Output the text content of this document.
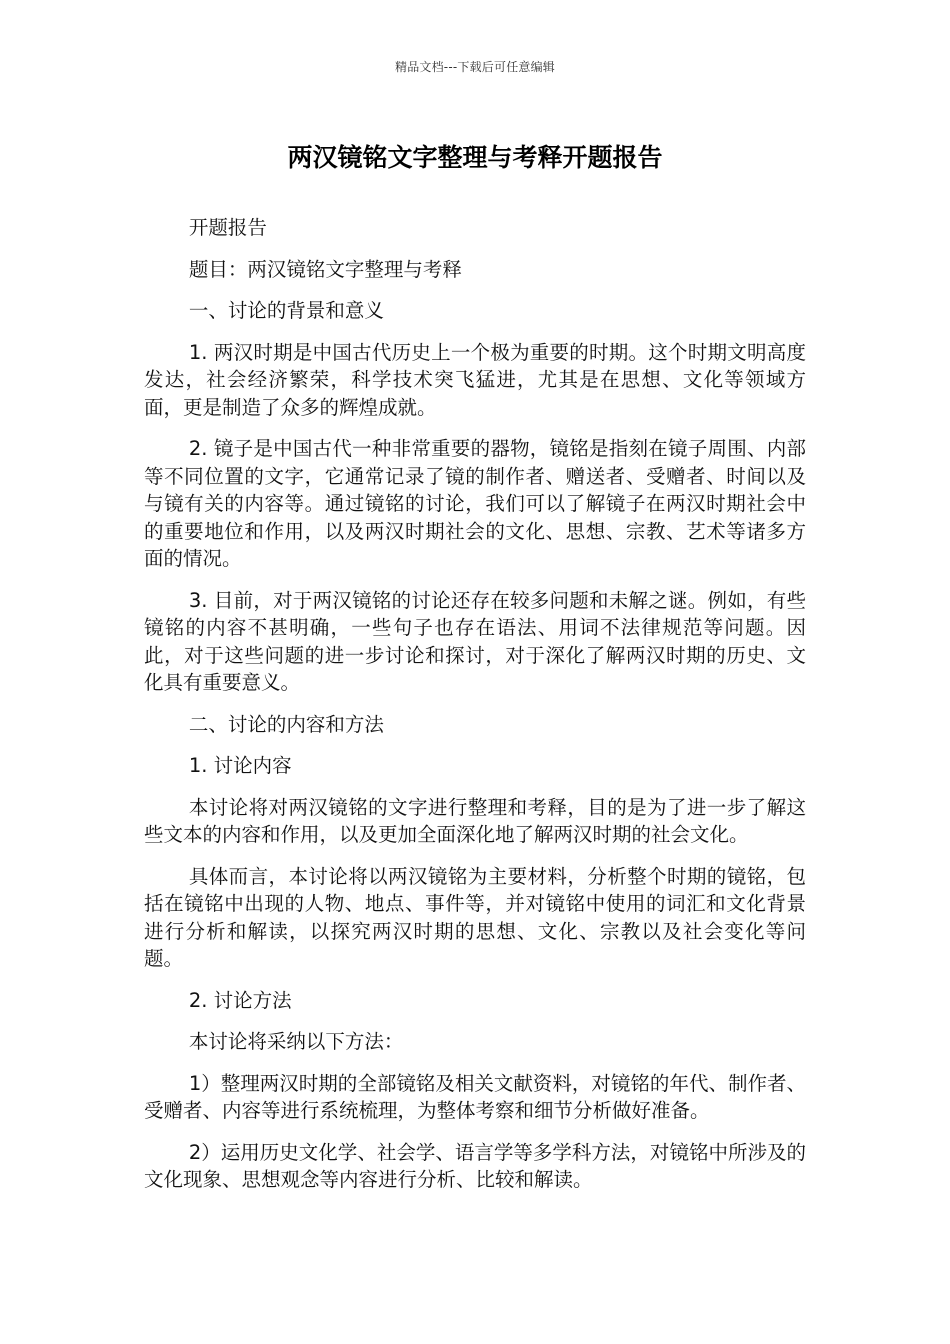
精品文档---下载后可任意编辑
两汉镜铭文字整理与考释开题报告

开题报告

题目：两汉镜铭文字整理与考释

一、讨论的背景和意义

1. 两汉时期是中国古代历史上一个极为重要的时期。这个时期文明高度发达，社会经济繁荣，科学技术突飞猛进，尤其是在思想、文化等领域方面，更是制造了众多的辉煌成就。

2. 镜子是中国古代一种非常重要的器物，镜铭是指刻在镜子周围、内部等不同位置的文字，它通常记录了镜的制作者、赠送者、受赠者、时间以及与镜有关的内容等。通过镜铭的讨论，我们可以了解镜子在两汉时期社会中的重要地位和作用，以及两汉时期社会的文化、思想、宗教、艺术等诸多方面的情况。

3. 目前，对于两汉镜铭的讨论还存在较多问题和未解之谜。例如，有些镜铭的内容不甚明确，一些句子也存在语法、用词不法律规范等问题。因此，对于这些问题的进一步讨论和探讨，对于深化了解两汉时期的历史、文化具有重要意义。

二、讨论的内容和方法

1. 讨论内容

本讨论将对两汉镜铭的文字进行整理和考释，目的是为了进一步了解这些文本的内容和作用，以及更加全面深化地了解两汉时期的社会文化。

具体而言，本讨论将以两汉镜铭为主要材料，分析整个时期的镜铭，包括在镜铭中出现的人物、地点、事件等，并对镜铭中使用的词汇和文化背景进行分析和解读，以探究两汉时期的思想、文化、宗教以及社会变化等问题。

2. 讨论方法

本讨论将采纳以下方法：

1）整理两汉时期的全部镜铭及相关文献资料，对镜铭的年代、制作者、受赠者、内容等进行系统梳理，为整体考察和细节分析做好准备。

2）运用历史文化学、社会学、语言学等多学科方法，对镜铭中所涉及的文化现象、思想观念等内容进行分析、比较和解读。
